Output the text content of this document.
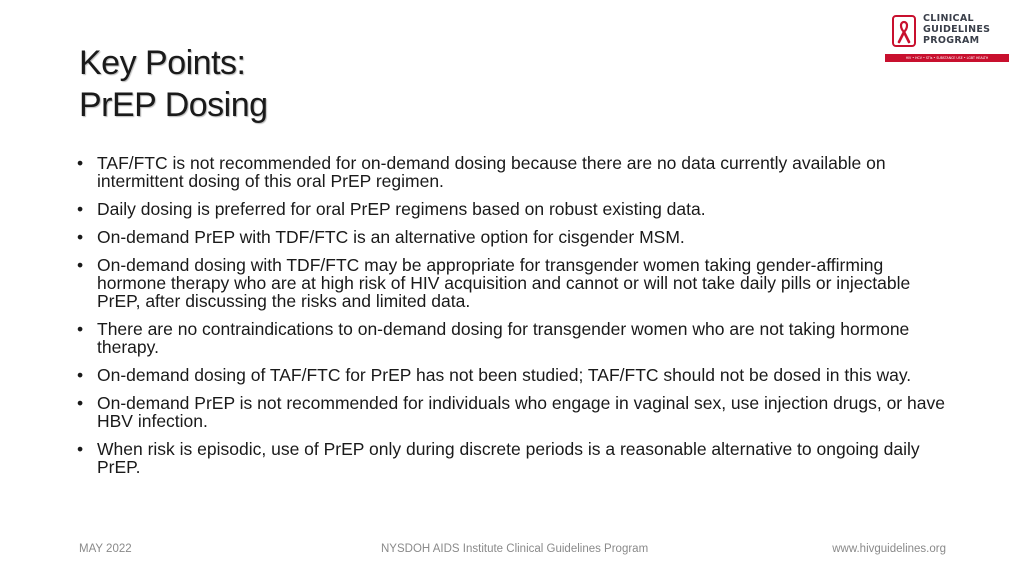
Key Points:
PrEP Dosing
CLINICAL
GUIDELINES
PROGRAM
HIV • HCV • STIs • SUBSTANCE USE • LGBT HEALTH
• TAF/FTC is not recommended for on-demand dosing because there are no data currently available on intermittent dosing of this oral PrEP regimen.
• Daily dosing is preferred for oral PrEP regimens based on robust existing data.
• On-demand PrEP with TDF/FTC is an alternative option for cisgender MSM.
• On-demand dosing with TDF/FTC may be appropriate for transgender women taking gender-affirming hormone therapy who are at high risk of HIV acquisition and cannot or will not take daily pills or injectable PrEP, after discussing the risks and limited data.
• There are no contraindications to on-demand dosing for transgender women who are not taking hormone therapy.
• On-demand dosing of TAF/FTC for PrEP has not been studied; TAF/FTC should not be dosed in this way.
• On-demand PrEP is not recommended for individuals who engage in vaginal sex, use injection drugs, or have HBV infection.
• When risk is episodic, use of PrEP only during discrete periods is a reasonable alternative to ongoing daily PrEP.
MAY 2022	NYSDOH AIDS Institute Clinical Guidelines Program	www.hivguidelines.org
